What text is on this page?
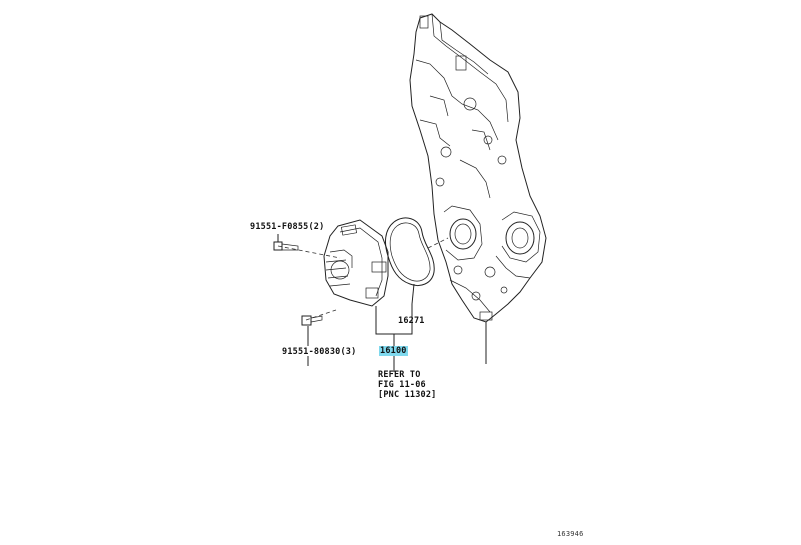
91551-F0855(2)
91551-80830(3)
16271
16100
REFER TO
FIG 11-06
[PNC 11302]
163946
